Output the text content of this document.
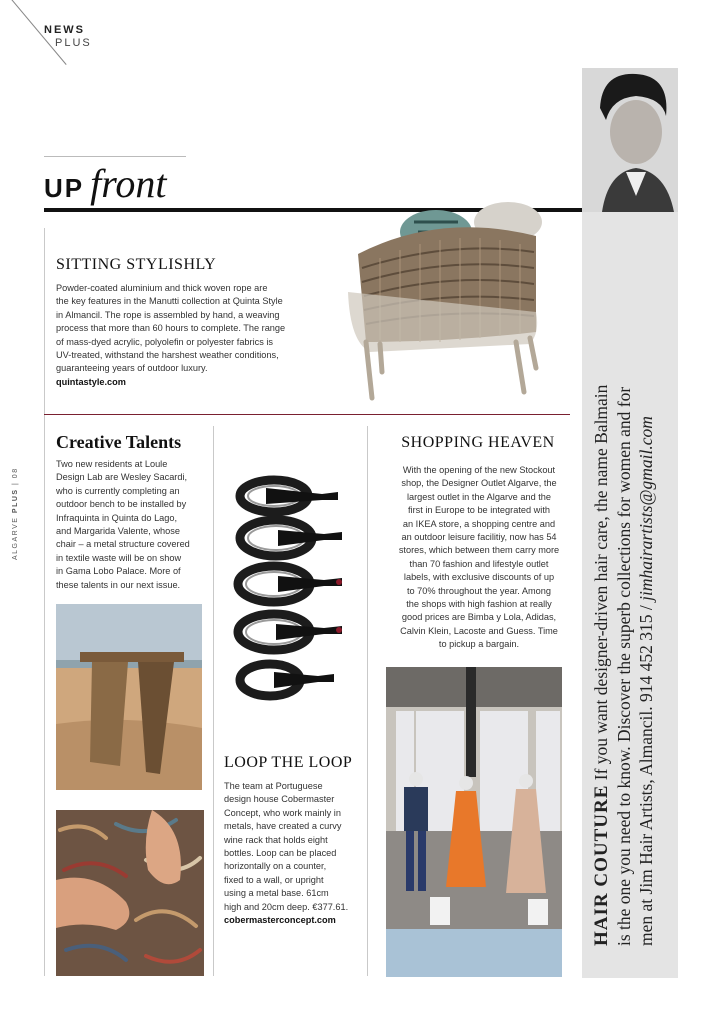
NEWS
PLUS
ALGARVE PLUS | 08
UP front
SITTING STYLISHLY
Powder-coated aluminium and thick woven rope are
the key features in the Manutti collection at Quinta Style
in Almancil. The rope is assembled by hand, a weaving
process that more than 60 hours to complete. The range
of mass-dyed acrylic, polyolefin or polyester fabrics is
UV-treated, withstand the harshest weather conditions,
guaranteeing years of outdoor luxury.
quintastyle.com
Creative Talents
Two new residents at Loule
Design Lab are Wesley Sacardi,
who is currently completing an
outdoor bench to be installed by
Infraquinta in Quinta do Lago,
and Margarida Valente, whose
chair – a metal structure covered
in textile waste will be on show
in Gama Lobo Palace. More of
these talents in our next issue.
LOOP THE LOOP
The team at Portuguese
design house Cobermaster
Concept, who work mainly in
metals, have created a curvy
wine rack that holds eight
bottles. Loop can be placed
horizontally on a counter,
fixed to a wall, or upright
using a metal base. 61cm
high and 20cm deep. €377.61.
cobermasterconcept.com
SHOPPING HEAVEN
With the opening of the new Stockout
shop, the Designer Outlet Algarve, the
largest outlet in the Algarve and the
first in Europe to be integrated with
an IKEA store, a shopping centre and
an outdoor leisure facilitiy, now has 54
stores, which between them carry more
than 70 fashion and lifestyle outlet
labels, with exclusive discounts of up
to 70% throughout the year. Among
the shops with high fashion at really
good prices are Bimba y Lola, Adidas,
Calvin Klein, Lacoste and Guess. Time
to pickup a bargain.
HAIR COUTURE If you want designer-driven hair care, the name Balmain is the one you need to know. Discover the superb collections for women and for men at Jim Hair Artists, Almancil. 914 452 315 / jimhairartists@gmail.com
